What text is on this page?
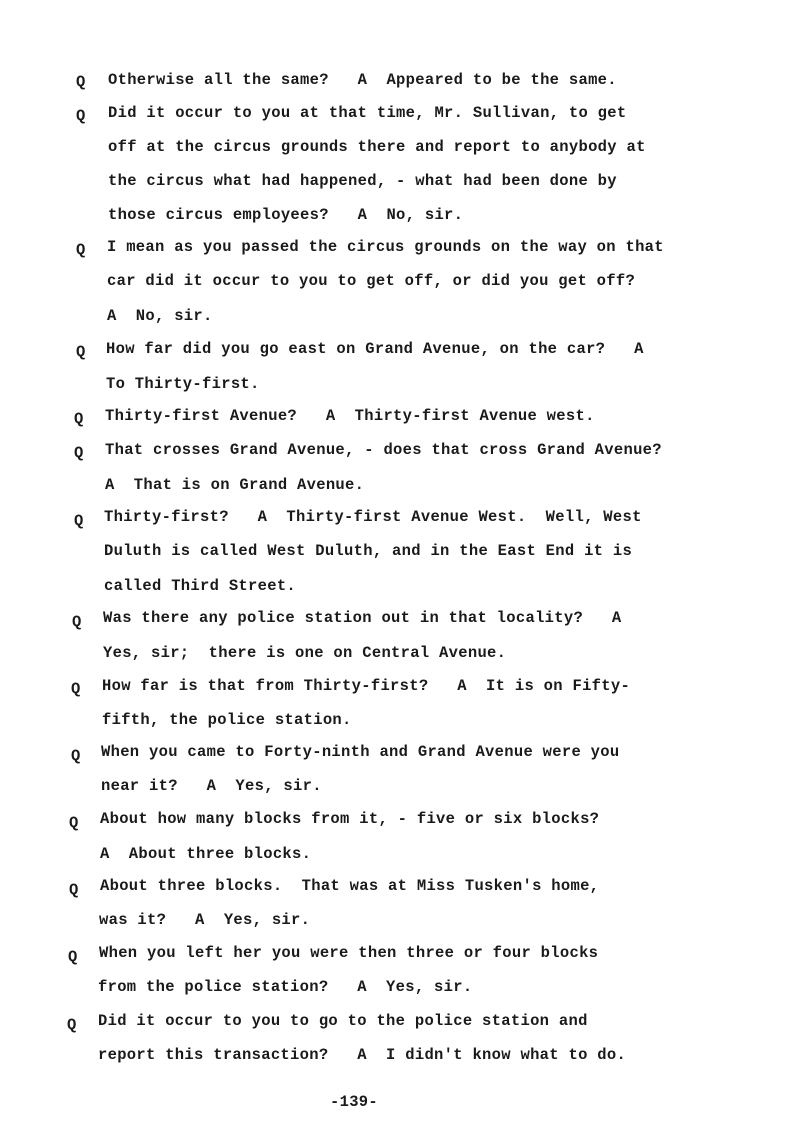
Q Otherwise all the same?   A  Appeared to be the same.
Q Did it occur to you at that time, Mr. Sullivan, to get
off at the circus grounds there and report to anybody at
the circus what had happened, - what had been done by
those circus employees?   A  No, sir.
Q I mean as you passed the circus grounds on the way on that
car did it occur to you to get off, or did you get off?
A  No, sir.
Q How far did you go east on Grand Avenue, on the car?   A
To Thirty-first.
Q Thirty-first Avenue?   A  Thirty-first Avenue west.
Q That crosses Grand Avenue, - does that cross Grand Avenue?
A  That is on Grand Avenue.
Q Thirty-first?   A  Thirty-first Avenue West.  Well, West
Duluth is called West Duluth, and in the East End it is
called Third Street.
Q Was there any police station out in that locality?   A
Yes, sir;  there is one on Central Avenue.
Q How far is that from Thirty-first?   A  It is on Fifty-
fifth, the police station.
Q When you came to Forty-ninth and Grand Avenue were you
near it?   A  Yes, sir.
Q About how many blocks from it, - five or six blocks?
A  About three blocks.
Q About three blocks.  That was at Miss Tusken's home,
was it?   A  Yes, sir.
Q When you left her you were then three or four blocks
from the police station?   A  Yes, sir.
Q Did it occur to you to go to the police station and
report this transaction?   A  I didn't know what to do.
-139-
